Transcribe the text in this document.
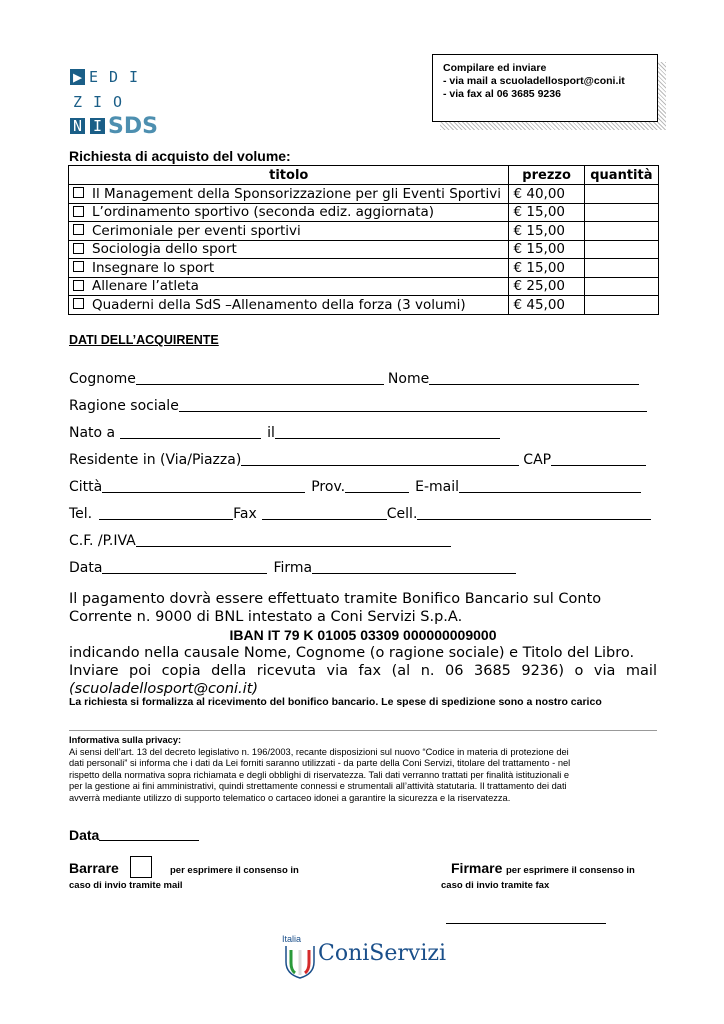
▶ E D I
Z I O
N I SDS
Compilare ed inviare
- via mail a scuoladellosport@coni.it
- via fax al 06 3685 9236
Richiesta di acquisto del volume:
titolo	prezzo	quantità
Il Management della Sponsorizzazione per gli Eventi Sportivi	€ 40,00	
L’ordinamento sportivo (seconda ediz. aggiornata)	€ 15,00	
Cerimoniale per eventi sportivi	€ 15,00	
Sociologia dello sport	€ 15,00	
Insegnare lo sport	€ 15,00	
Allenare l’atleta	€ 25,00	
Quaderni della SdS –Allenamento della forza (3 volumi)	€ 45,00	
DATI DELL’ACQUIRENTE
Cognome	Nome
Ragione sociale
Nato a	il
Residente in (Via/Piazza)	CAP
Città	Prov.	E-mail
Tel.	Fax	Cell.
C.F. /P.IVA
Data	Firma
Il pagamento dovrà essere effettuato tramite Bonifico Bancario sul Conto
Corrente n. 9000 di BNL intestato a Coni Servizi S.p.A.
IBAN IT 79 K 01005 03309 000000009000
indicando nella causale Nome, Cognome (o ragione sociale) e Titolo del Libro.
Inviare poi copia della ricevuta via fax (al n. 06 3685 9236) o via mail
(scuoladellosport@coni.it)
La richiesta si formalizza al ricevimento del bonifico bancario. Le spese di spedizione sono a nostro carico
Informativa sulla privacy:
Ai sensi dell’art. 13 del decreto legislativo n. 196/2003, recante disposizioni sul nuovo “Codice in materia di protezione dei
dati personali” si informa che i dati da Lei forniti saranno utilizzati - da parte della Coni Servizi, titolare del trattamento - nel
rispetto della normativa sopra richiamata e degli obblighi di riservatezza. Tali dati verranno trattati per finalità istituzionali e
per la gestione ai fini amministrativi, quindi strettamente connessi e strumentali all’attività statutaria. Il trattamento dei dati
avverrà mediante utilizzo di supporto telematico o cartaceo idonei a garantire la sicurezza e la riservatezza.
Data
Barrare	per esprimere il consenso in
caso di invio tramite mail
Firmare per esprimere il consenso in
caso di invio tramite fax
Italia
ConiServizi
